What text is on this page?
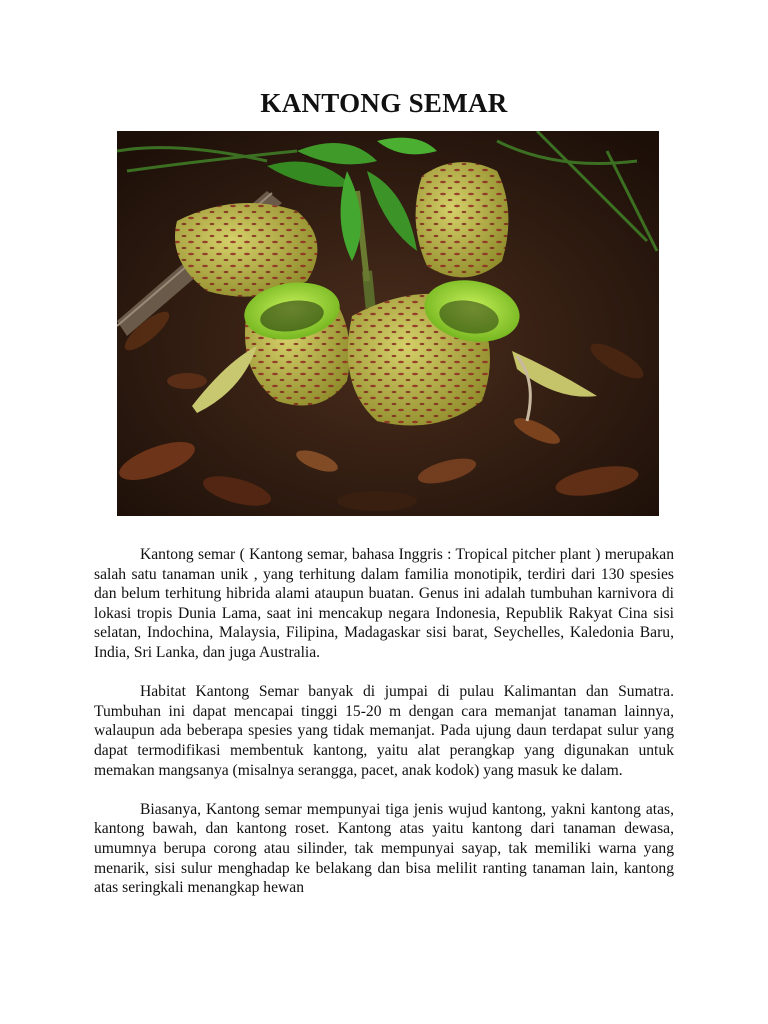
KANTONG SEMAR

Kantong semar ( Kantong semar, bahasa Inggris : Tropical pitcher plant ) merupakan salah satu tanaman unik , yang terhitung dalam familia monotipik, terdiri dari 130 spesies dan belum terhitung hibrida alami ataupun buatan. Genus ini adalah tumbuhan karnivora di lokasi tropis Dunia Lama, saat ini mencakup negara Indonesia, Republik Rakyat Cina sisi selatan, Indochina, Malaysia, Filipina, Madagaskar sisi barat, Seychelles, Kaledonia Baru, India, Sri Lanka, dan juga Australia.

Habitat Kantong Semar banyak di jumpai di pulau Kalimantan dan Sumatra. Tumbuhan ini dapat mencapai tinggi 15-20 m dengan cara memanjat tanaman lainnya, walaupun ada beberapa spesies yang tidak memanjat. Pada ujung daun terdapat sulur yang dapat termodifikasi membentuk kantong, yaitu alat perangkap yang digunakan untuk memakan mangsanya (misalnya serangga, pacet, anak kodok) yang masuk ke dalam.

Biasanya, Kantong semar mempunyai tiga jenis wujud kantong, yakni kantong atas, kantong bawah, dan kantong roset. Kantong atas yaitu kantong dari tanaman dewasa, umumnya berupa corong atau silinder, tak mempunyai sayap, tak memiliki warna yang menarik, sisi sulur menghadap ke belakang dan bisa melilit ranting tanaman lain, kantong atas seringkali menangkap hewan
